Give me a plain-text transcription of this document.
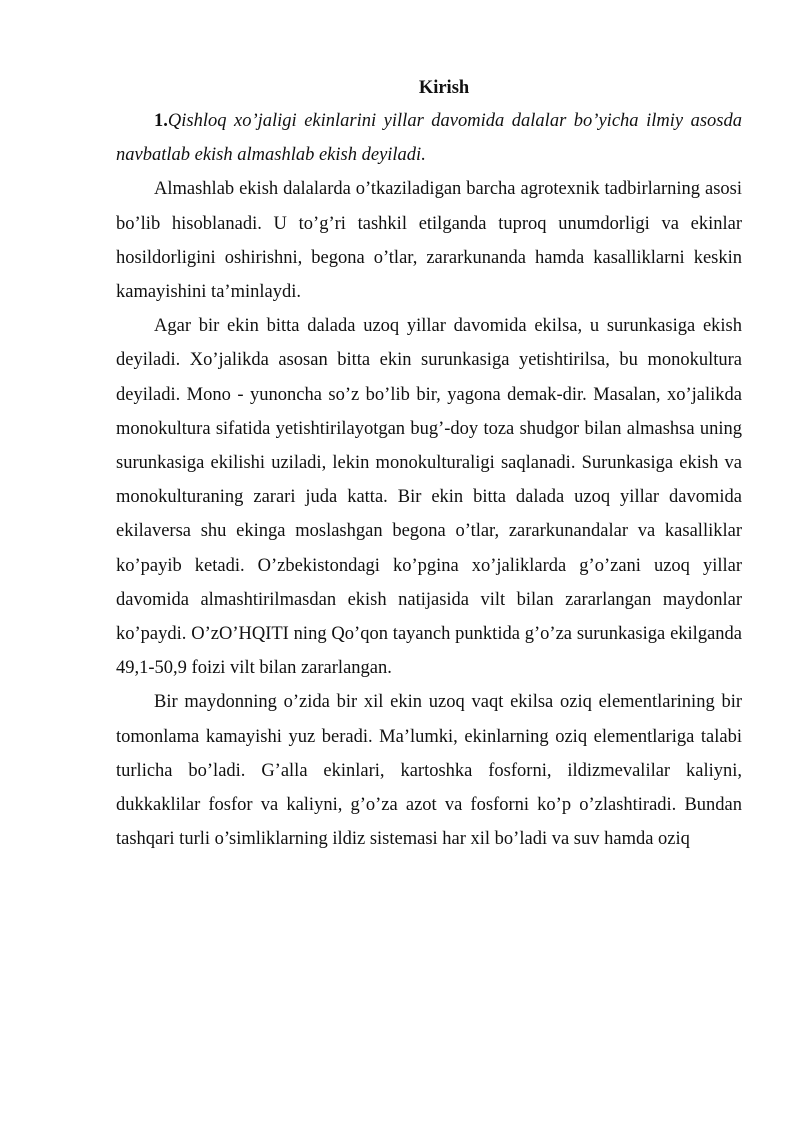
Kirish

1.Qishloq xo’jaligi ekinlarini yillar davomida dalalar bo’yicha ilmiy asosda navbatlab ekish almashlab ekish deyiladi.

Almashlab ekish dalalarda o’tkaziladigan barcha agrotexnik tadbirlarning asosi bo’lib hisoblanadi. U to’g’ri tashkil etilganda tuproq unumdorligi va ekinlar hosildorligini oshirishni, begona o’tlar, zararkunanda hamda kasalliklarni keskin kamayishini ta’minlaydi.

Agar bir ekin bitta dalada uzoq yillar davomida ekilsa, u surunkasiga ekish deyiladi. Xo’jalikda asosan bitta ekin surunkasiga yetishtirilsa, bu monokultura deyiladi. Mono - yunoncha so’z bo’lib bir, yagona demak-dir. Masalan, xo’jalikda monokultura sifatida yetishtirilayotgan bug’-doy toza shudgor bilan almashsa uning surunkasiga ekilishi uziladi, lekin monokulturaligi saqlanadi. Surunkasiga ekish va monokulturaning zarari juda katta. Bir ekin bitta dalada uzoq yillar davomida ekilaversa shu ekinga moslashgan begona o’tlar, zararkunandalar va kasalliklar ko’payib ketadi. O’zbekistondagi ko’pgina xo’jaliklarda g’o’zani uzoq yillar davomida almashtirilmasdan ekish natijasida vilt bilan zararlangan maydonlar ko’paydi. O’zO’HQITI ning Qo’qon tayanch punktida g’o’za surunkasiga ekilganda 49,1-50,9 foizi vilt bilan zararlangan.

Bir maydonning o’zida bir xil ekin uzoq vaqt ekilsa oziq elementlarining bir tomonlama kamayishi yuz beradi. Ma’lumki, ekinlarning oziq elementlariga talabi turlicha bo’ladi. G’alla ekinlari, kartoshka fosforni, ildizmevalilar kaliyni, dukkaklilar fosfor va kaliyni, g’o’za azot va fosforni ko’p o’zlashtiradi. Bundan tashqari turli o’simliklarning ildiz sistemasi har xil bo’ladi va suv hamda oziq
